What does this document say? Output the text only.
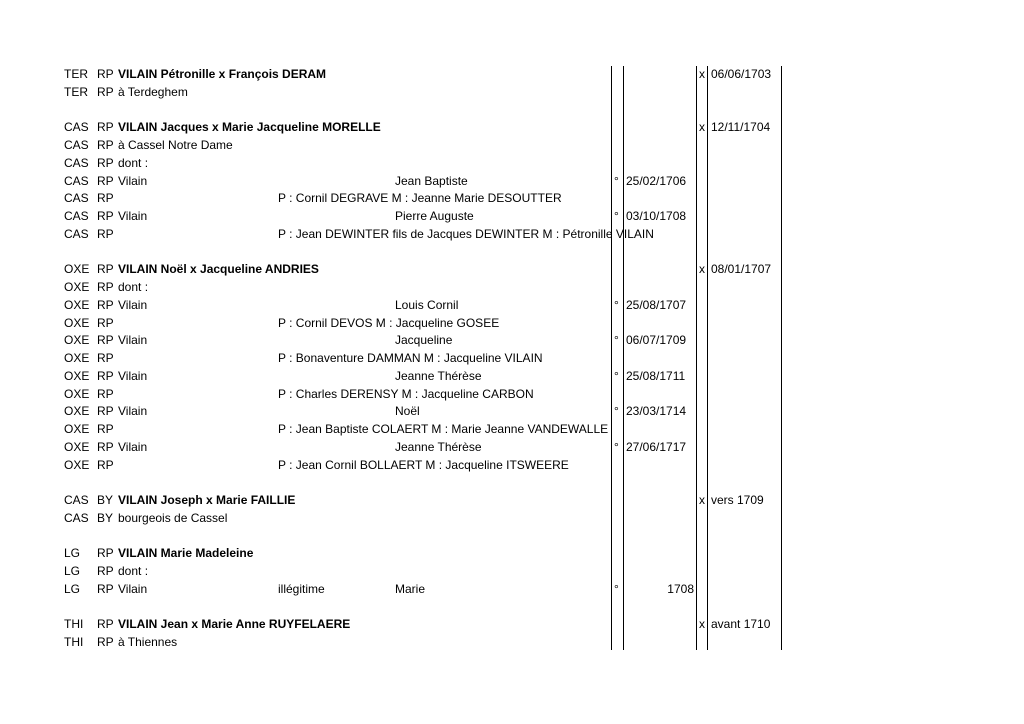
TER RP VILAIN Pétronille x François DERAM	x 06/06/1703
TER RP à Terdeghem
CAS RP VILAIN Jacques x Marie Jacqueline MORELLE	x 12/11/1704
CAS RP à Cassel Notre Dame
CAS RP dont :
CAS RP Vilain	Jean Baptiste	° 25/02/1706
CAS RP	P : Cornil DEGRAVE M : Jeanne Marie DESOUTTER
CAS RP Vilain	Pierre Auguste	° 03/10/1708
CAS RP	P : Jean DEWINTER fils de Jacques DEWINTER M : Pétronille VILAIN
OXE RP VILAIN Noël x Jacqueline ANDRIES	x 08/01/1707
OXE RP dont :
OXE RP Vilain	Louis Cornil	° 25/08/1707
OXE RP	P : Cornil DEVOS M : Jacqueline GOSEE
OXE RP Vilain	Jacqueline	° 06/07/1709
OXE RP	P : Bonaventure DAMMAN M : Jacqueline VILAIN
OXE RP Vilain	Jeanne Thérèse	° 25/08/1711
OXE RP	P : Charles DERENSY M : Jacqueline CARBON
OXE RP Vilain	Noël	° 23/03/1714
OXE RP	P : Jean Baptiste COLAERT M : Marie Jeanne VANDEWALLE
OXE RP Vilain	Jeanne Thérèse	° 27/06/1717
OXE RP	P : Jean Cornil BOLLAERT M : Jacqueline ITSWEERE
CAS BY VILAIN Joseph x Marie FAILLIE	x vers 1709
CAS BY bourgeois de Cassel
LG RP VILAIN Marie Madeleine
LG RP dont :
LG RP Vilain	illégitime	Marie	°	1708
THI RP VILAIN Jean x Marie Anne RUYFELAERE	x avant 1710
THI RP à Thiennes
